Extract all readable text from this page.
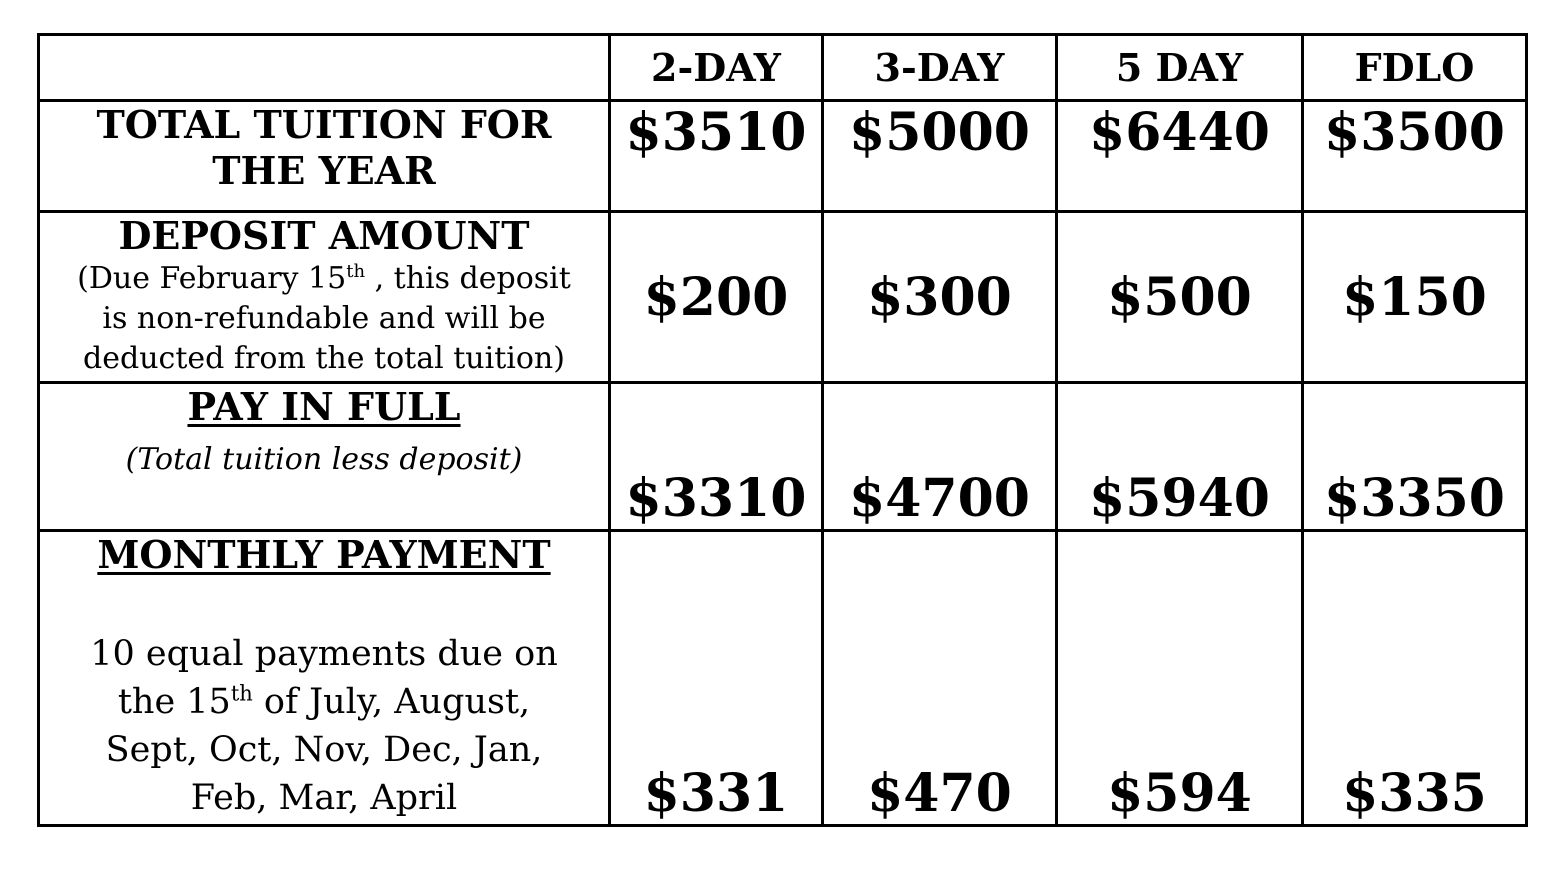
	2-DAY	3-DAY	5 DAY	FDLO

TOTAL TUITION FOR
THE YEAR	$3510	$5000	$6440	$3500

DEPOSIT AMOUNT
(Due February 15th , this deposit
is non-refundable and will be
deducted from the total tuition)	$200	$300	$500	$150

PAY IN FULL
(Total tuition less deposit)	$3310	$4700	$5940	$3350

MONTHLY PAYMENT
10 equal payments due on
the 15th of July, August,
Sept, Oct, Nov, Dec, Jan,
Feb, Mar, April	$331	$470	$594	$335
